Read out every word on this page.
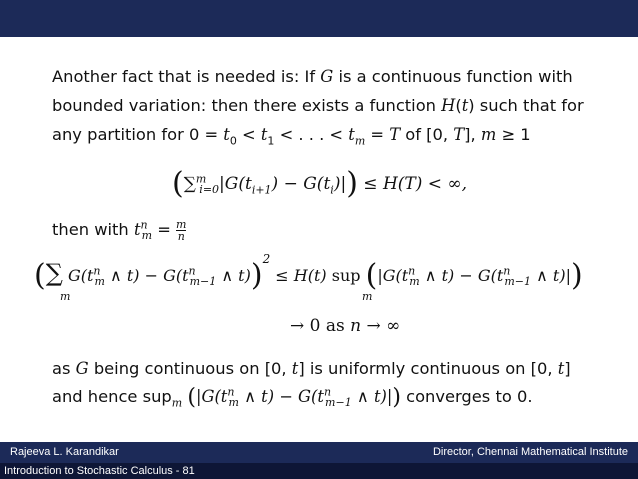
Another fact that is needed is: If G is a continuous function with

bounded variation: then there exists a function H(t) such that for

any partition for $0 = t_0 < t_1$ < . . . < $t_m = T$ of [0, T], m ≥ 1

$(\sum^m_{i=0}|G(t_{i+1}) - G(t_i)|) \le H(T)$ < ∞,

then with $t^n_m = \frac{m}{n}$

(∑ $G(t^n_m$ ∧ $t) - G(t^n_{m-1}$ ∧ t))$^2$ ≤ H(t) sup ($|G(t^n_m$ ∧ $t) - G(t^n_{m-1}$ ∧ t)|)
m	m
→ 0 as n → ∞

as G being continuous on [0, t] is uniformly continuous on [0, t]

and hence sup$_m$ ($|G(t^n_m$ ∧ $t) - G(t^n_{m-1}$ ∧ t)|) converges to 0.

Rajeeva L. Karandikar	Director, Chennai Mathematical Institute
Introduction to Stochastic Calculus - 81
